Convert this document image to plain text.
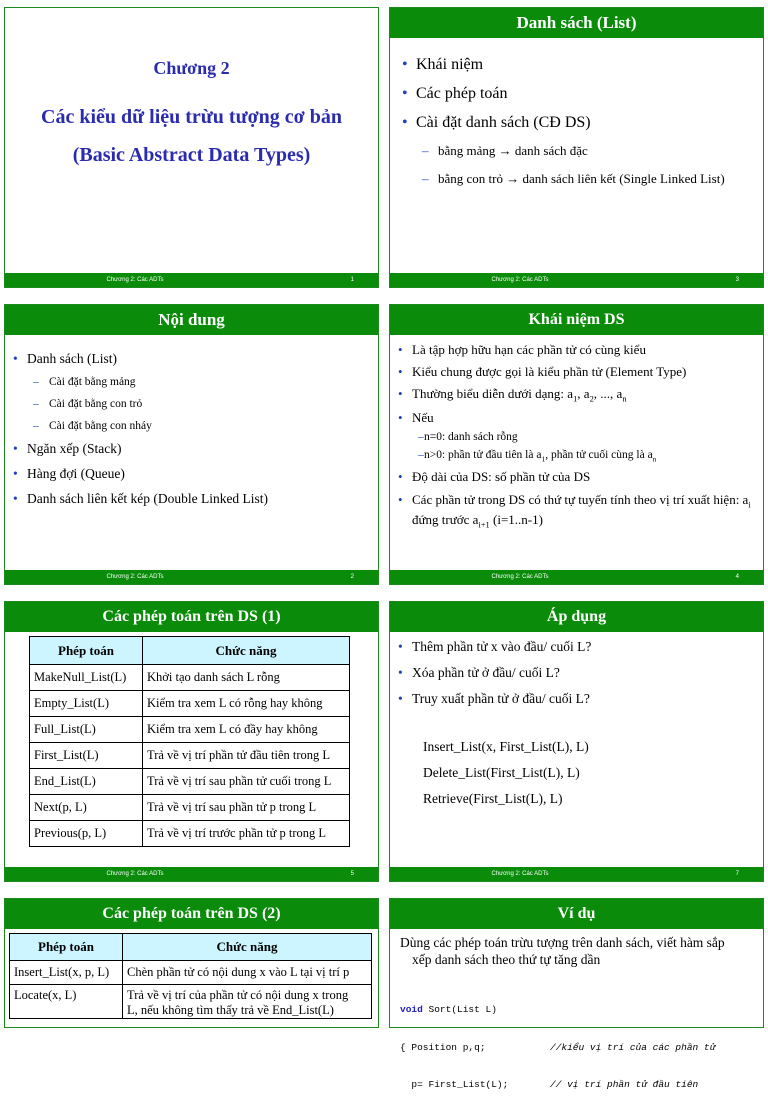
Chương 2
Các kiểu dữ liệu trừu tượng cơ bản
(Basic Abstract Data Types)
Chương 2: Các ADTs	1
Danh sách (List)
• Khái niệm
• Các phép toán
• Cài đặt danh sách (CĐ DS)
– bằng mảng → danh sách đặc
– bằng con trỏ → danh sách liên kết (Single Linked List)
Chương 2: Các ADTs	3
Nội dung
• Danh sách (List)
– Cài đặt bằng mảng
– Cài đặt bằng con trỏ
– Cài đặt bằng con nháy
• Ngăn xếp (Stack)
• Hàng đợi (Queue)
• Danh sách liên kết kép (Double Linked List)
Chương 2: Các ADTs	2
Khái niệm DS
• Là tập hợp hữu hạn các phần tử có cùng kiểu
• Kiểu chung được gọi là kiểu phần tử (Element Type)
• Thường biểu diễn dưới dạng: $a_1$, $a_2$, ..., $a_n$
• Nếu
– n=0: danh sách rỗng
– n>0: phần tử đầu tiên là $a_1$, phần tử cuối cùng là $a_n$
• Độ dài của DS: số phần tử của DS
• Các phần tử trong DS có thứ tự tuyến tính theo vị trí xuất hiện: $a_i$ đứng trước $a_{i+1}$ (i=1..n-1)
Chương 2: Các ADTs	4
Các phép toán trên DS (1)
Phép toán	Chức năng
MakeNull_List(L)	Khởi tạo danh sách L rỗng
Empty_List(L)	Kiểm tra xem L có rỗng hay không
Full_List(L)	Kiểm tra xem L có đầy hay không
First_List(L)	Trả về vị trí phần tử đầu tiên trong L
End_List(L)	Trả về vị trí sau phần tử cuối trong L
Next(p, L)	Trả về vị trí sau phần tử p trong L
Previous(p, L)	Trả về vị trí trước phần tử p trong L
Chương 2: Các ADTs	5
Áp dụng
• Thêm phần tử x vào đầu/ cuối L?
• Xóa phần tử ở đầu/ cuối L?
• Truy xuất phần tử ở đầu/ cuối L?
Insert_List(x, First_List(L), L)
Delete_List(First_List(L), L)
Retrieve(First_List(L), L)
Chương 2: Các ADTs	7
Các phép toán trên DS (2)
Phép toán	Chức năng
Insert_List(x, p, L)	Chèn phần tử có nội dung x vào L tại vị trí p
Locate(x, L)	Trả về vị trí của phần tử có nội dung x trong
L, nếu không tìm thấy trả về End_List(L)
Ví dụ
Dùng các phép toán trừu tượng trên danh sách, viết hàm sắp
xếp danh sách theo thứ tự tăng dần

void Sort(List L)

{ Position p,q;	//kiểu vị trí của các phần tử

p= First_List(L);	// vị trí phần tử đầu tiên
